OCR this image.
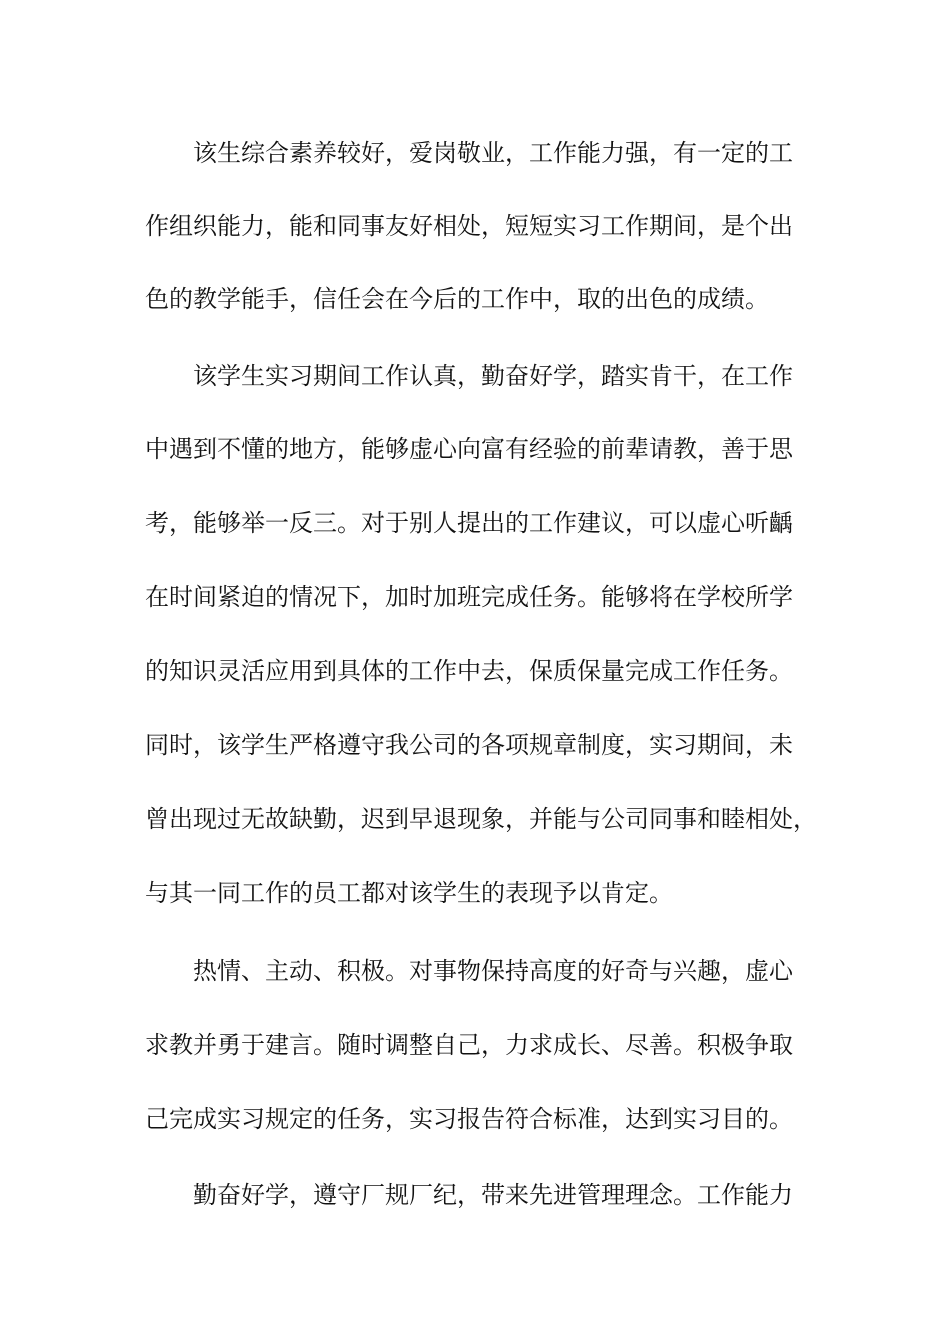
　　该生综合素养较好，爱岗敬业，工作能力强，有一定的工
作组织能力，能和同事友好相处，短短实习工作期间，是个出
色的教学能手，信任会在今后的工作中，取的出色的成绩。
　　该学生实习期间工作认真，勤奋好学，踏实肯干，在工作
中遇到不懂的地方，能够虚心向富有经验的前辈请教，善于思
考，能够举一反三。对于别人提出的工作建议，可以虚心听齲
在时间紧迫的情况下，加时加班完成任务。能够将在学校所学
的知识灵活应用到具体的工作中去，保质保量完成工作任务。
同时，该学生严格遵守我公司的各项规章制度，实习期间，未
曾出现过无故缺勤，迟到早退现象，并能与公司同事和睦相处，
与其一同工作的员工都对该学生的表现予以肯定。
　　热情、主动、积极。对事物保持高度的好奇与兴趣，虚心
求教并勇于建言。随时调整自己，力求成长、尽善。积极争取
己完成实习规定的任务，实习报告符合标准，达到实习目的。
　　勤奋好学，遵守厂规厂纪，带来先进管理理念。工作能力
